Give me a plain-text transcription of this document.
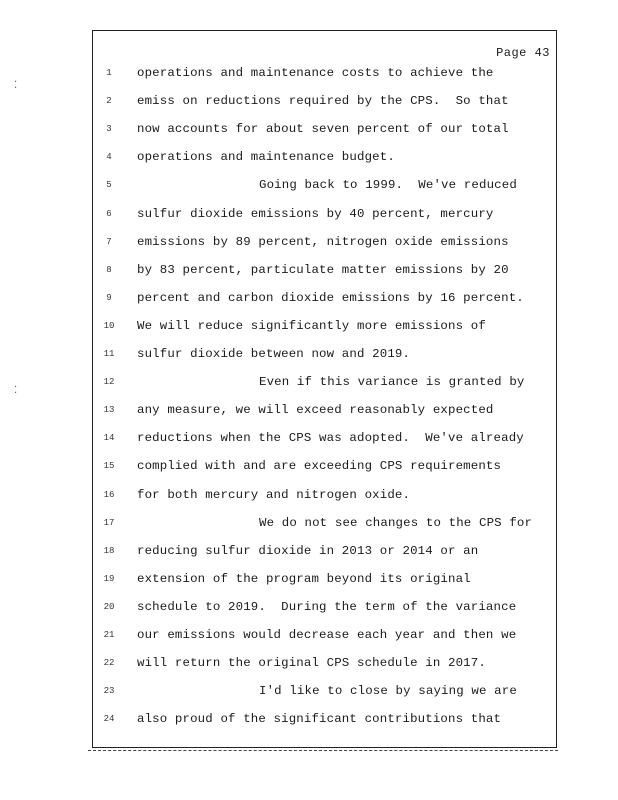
⁚
⁚
Page 43
1	operations and maintenance costs to achieve the
2	emiss on reductions required by the CPS.  So that
3	now accounts for about seven percent of our total
4	operations and maintenance budget.
5	Going back to 1999.  We've reduced
6	sulfur dioxide emissions by 40 percent, mercury
7	emissions by 89 percent, nitrogen oxide emissions
8	by 83 percent, particulate matter emissions by 20
9	percent and carbon dioxide emissions by 16 percent.
10	We will reduce significantly more emissions of
11	sulfur dioxide between now and 2019.
12	Even if this variance is granted by
13	any measure, we will exceed reasonably expected
14	reductions when the CPS was adopted.  We've already
15	complied with and are exceeding CPS requirements
16	for both mercury and nitrogen oxide.
17	We do not see changes to the CPS for
18	reducing sulfur dioxide in 2013 or 2014 or an
19	extension of the program beyond its original
20	schedule to 2019.  During the term of the variance
21	our emissions would decrease each year and then we
22	will return the original CPS schedule in 2017.
23	I'd like to close by saying we are
24	also proud of the significant contributions that
